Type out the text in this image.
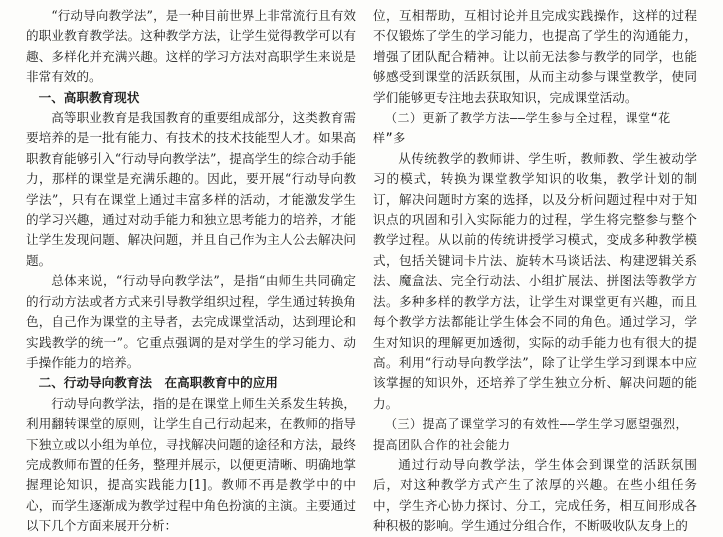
“行动导向教学法”，是一种目前世界上非常流行且有效的职业教育教学法。这种教学方法，让学生觉得教学可以有趣、多样化并充满兴趣。这样的学习方法对高职学生来说是非常有效的。

一、高职教育现状

高等职业教育是我国教育的重要组成部分，这类教育需要培养的是一批有能力、有技术的技术技能型人才。如果高职教育能够引入“行动导向教学法”，提高学生的综合动手能力，那样的课堂是充满乐趣的。因此，要开展“行动导向教学法”，只有在课堂上通过丰富多样的活动，才能激发学生的学习兴趣，通过对动手能力和独立思考能力的培养，才能让学生发现问题、解决问题，并且自己作为主人公去解决问题。

总体来说，“行动导向教学法”，是指“由师生共同确定的行动方法或者方式来引导教学组织过程，学生通过转换角色，自己作为课堂的主导者，去完成课堂活动，达到理论和实践教学的统一”。它重点强调的是对学生的学习能力、动手操作能力的培养。

二、行动导向教育法　在高职教育中的应用

行动导向教学法，指的是在课堂上师生关系发生转换，利用翻转课堂的原则，让学生自己行动起来，在教师的指导下独立或以小组为单位，寻找解决问题的途径和方法，最终完成教师布置的任务，整理并展示，以便更清晰、明确地掌握理论知识，提高实践能力[1]。教师不再是教学中的中心，而学生逐渐成为教学过程中角色扮演的主演。主要通过以下几个方面来展开分析：

位，互相帮助，互相讨论并且完成实践操作，这样的过程不仅锻炼了学生的学习能力，也提高了学生的沟通能力，增强了团队配合精神。让以前无法参与教学的同学，也能够感受到课堂的活跃氛围，从而主动参与课堂教学，使同学们能够更专注地去获取知识，完成课堂活动。

（二）更新了教学方法——学生参与全过程，课堂“花样”多

从传统教学的教师讲、学生听，教师教、学生被动学习的模式，转换为课堂教学知识的收集，教学计划的制订，解决问题时方案的选择，以及分析问题过程中对于知识点的巩固和引入实际能力的过程，学生将完整参与整个教学过程。从以前的传统讲授学习模式，变成多种教学模式，包括关键词卡片法、旋转木马谈话法、构建逻辑关系法、魔盒法、完全行动法、小组扩展法、拼图法等教学方法。多种多样的教学方法，让学生对课堂更有兴趣，而且每个教学方法都能让学生体会不同的角色。通过学习，学生对知识的理解更加透彻，实际的动手能力也有很大的提高。利用“行动导向教学法”，除了让学生学习到课本中应该掌握的知识外，还培养了学生独立分析、解决问题的能力。

（三）提高了课堂学习的有效性——学生学习愿望强烈，提高团队合作的社会能力

通过行动导向教学法，学生体会到课堂的活跃氛围后，对这种教学方式产生了浓厚的兴趣。在些小组任务中，学生齐心协力探讨、分工，完成任务，相互间形成各种积极的影响。学生通过分组合作，不断吸收队友身上的
